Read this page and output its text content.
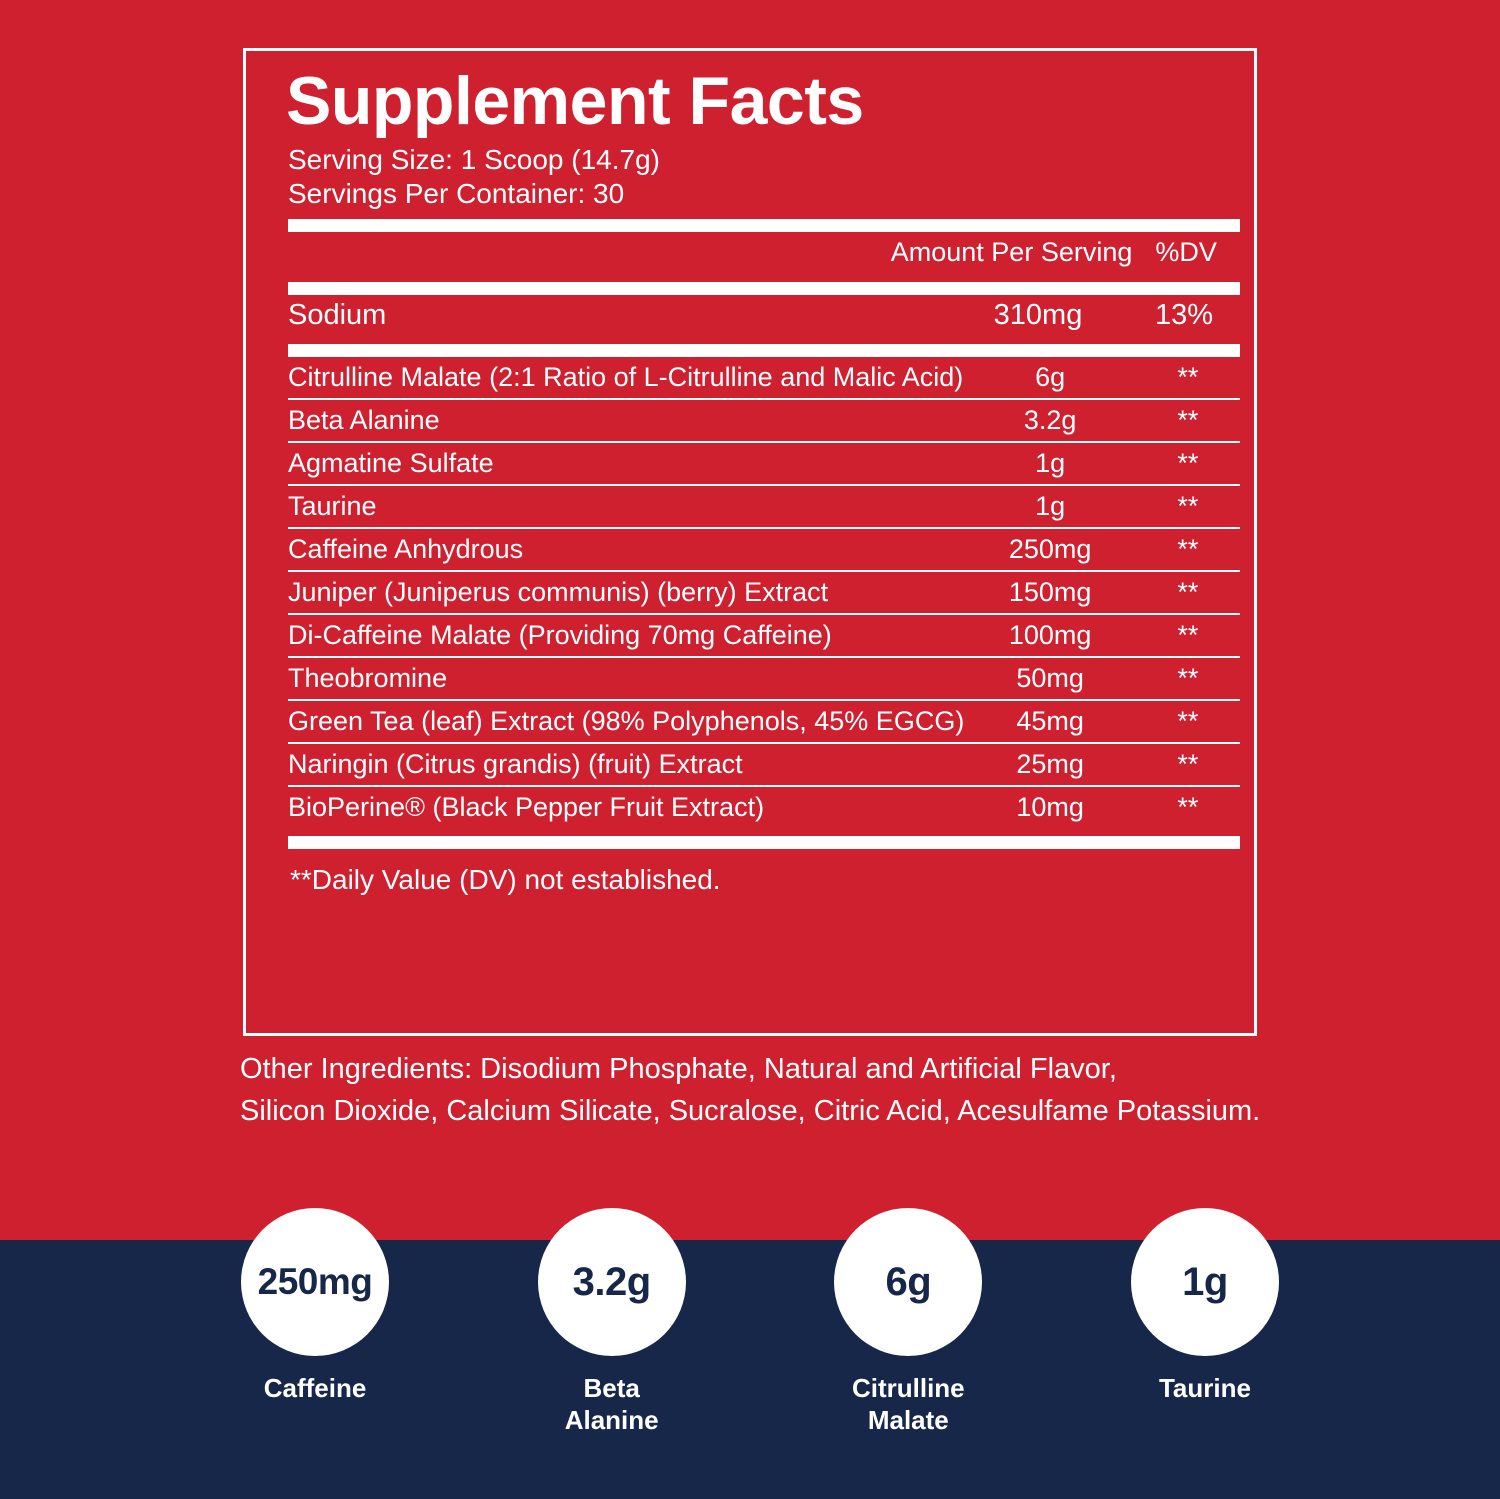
Supplement Facts
Serving Size: 1 Scoop (14.7g)
Servings Per Container: 30
	Amount Per Serving	%DV
Sodium	310mg	13%
Citrulline Malate (2:1 Ratio of L-Citrulline and Malic Acid)	6g	**
Beta Alanine	3.2g	**
Agmatine Sulfate	1g	**
Taurine	1g	**
Caffeine Anhydrous	250mg	**
Juniper (Juniperus communis) (berry) Extract	150mg	**
Di-Caffeine Malate (Providing 70mg Caffeine)	100mg	**
Theobromine	50mg	**
Green Tea (leaf) Extract (98% Polyphenols, 45% EGCG)	45mg	**
Naringin (Citrus grandis) (fruit) Extract	25mg	**
BioPerine® (Black Pepper Fruit Extract)	10mg	**
**Daily Value (DV) not established.
Other Ingredients: Disodium Phosphate, Natural and Artificial Flavor,
Silicon Dioxide, Calcium Silicate, Sucralose, Citric Acid, Acesulfame Potassium.
250mg
Caffeine
3.2g
Beta
Alanine
6g
Citrulline
Malate
1g
Taurine
